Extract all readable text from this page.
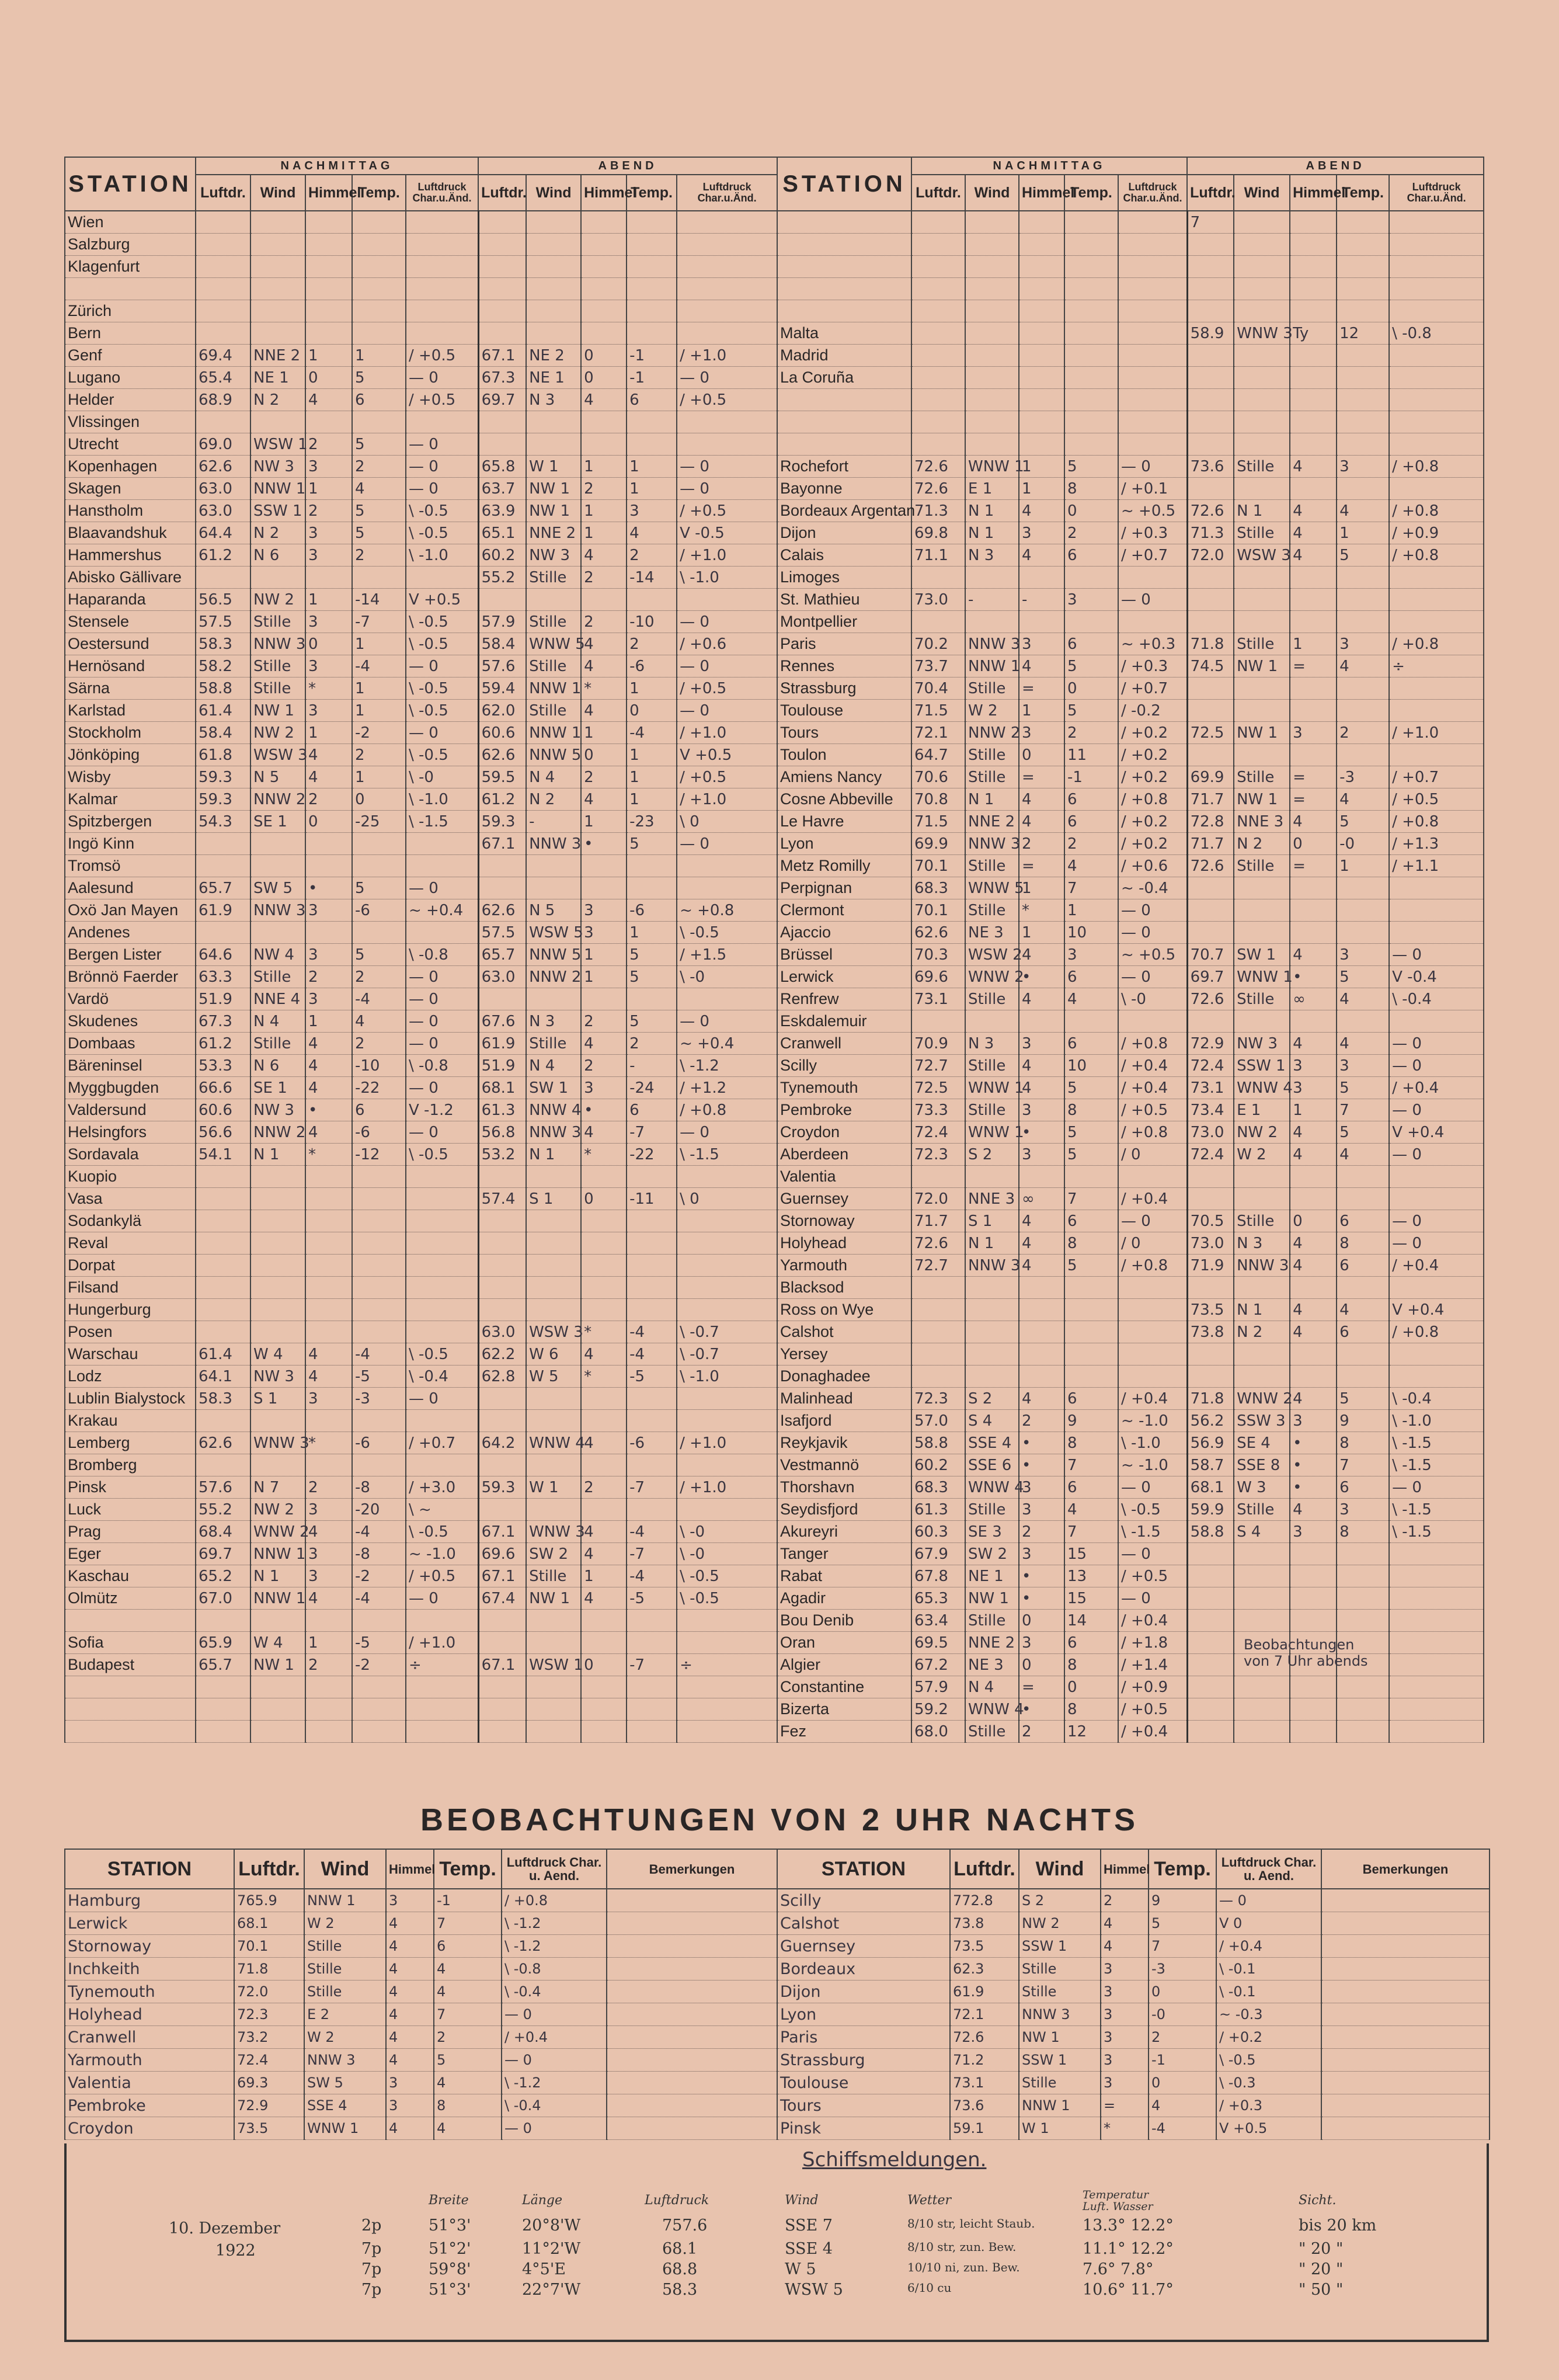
STATION	NACHMITTAG					ABEND				
	Luftdr.	Wind	Himmel	Temp.	Luftdruck Char.u.Änd.	Luftdr.	Wind	Himmel	Temp.	Luftdruck Char.u.Änd.
Wien										
Salzburg										
Klagenfurt										

Zürich										
Bern										
Genf	69.4	NNE 2	1	1	/ +0.5	67.1	NE 2	0	-1	/ +1.0
Lugano	65.4	NE 1	0	5	— 0	67.3	NE 1	0	-1	— 0
Helder	68.9	N 2	4	6	/ +0.5	69.7	N 3	4	6	/ +0.5
Vlissingen										
Utrecht	69.0	WSW 1	2	5	— 0					
Kopenhagen	62.6	NW 3	3	2	— 0	65.8	W 1	1	1	— 0
Skagen	63.0	NNW 1	1	4	— 0	63.7	NW 1	2	1	— 0
Hanstholm	63.0	SSW 1	2	5	\ -0.5	63.9	NW 1	1	3	/ +0.5
Blaavandshuk	64.4	N 2	3	5	\ -0.5	65.1	NNE 2	1	4	V -0.5
Hammershus	61.2	N 6	3	2	\ -1.0	60.2	NW 3	4	2	/ +1.0
Abisko Gällivare						55.2	Stille	2	-14	\ -1.0
Haparanda	56.5	NW 2	1	-14	V +0.5					
Stensele	57.5	Stille	3	-7	\ -0.5	57.9	Stille	2	-10	— 0
Oestersund	58.3	NNW 3	0	1	\ -0.5	58.4	WNW 5	4	2	/ +0.6
Hernösand	58.2	Stille	3	-4	— 0	57.6	Stille	4	-6	— 0
Särna	58.8	Stille	*	1	\ -0.5	59.4	NNW 1	*	1	/ +0.5
Karlstad	61.4	NW 1	3	1	\ -0.5	62.0	Stille	4	0	— 0
Stockholm	58.4	NW 2	1	-2	— 0	60.6	NNW 1	1	-4	/ +1.0
Jönköping	61.8	WSW 3	4	2	\ -0.5	62.6	NNW 5	0	1	V +0.5
Wisby	59.3	N 5	4	1	\ -0	59.5	N 4	2	1	/ +0.5
Kalmar	59.3	NNW 2	2	0	\ -1.0	61.2	N 2	4	1	/ +1.0
Spitzbergen	54.3	SE 1	0	-25	\ -1.5	59.3	-	1	-23	\ 0
Ingö Kinn						67.1	NNW 3	•	5	— 0
Tromsö										
Aalesund	65.7	SW 5	•	5	— 0					
Oxö Jan Mayen	61.9	NNW 3	3	-6	~ +0.4	62.6	N 5	3	-6	~ +0.8
Andenes						57.5	WSW 5	3	1	\ -0.5
Bergen Lister	64.6	NW 4	3	5	\ -0.8	65.7	NNW 5	1	5	/ +1.5
Brönnö Faerder	63.3	Stille	2	2	— 0	63.0	NNW 2	1	5	\ -0
Vardö	51.9	NNE 4	3	-4	— 0					
Skudenes	67.3	N 4	1	4	— 0	67.6	N 3	2	5	— 0
Dombaas	61.2	Stille	4	2	— 0	61.9	Stille	4	2	~ +0.4
Bäreninsel	53.3	N 6	4	-10	\ -0.8	51.9	N 4	2	-	\ -1.2
Myggbugden	66.6	SE 1	4	-22	— 0	68.1	SW 1	3	-24	/ +1.2
Valdersund	60.6	NW 3	•	6	V -1.2	61.3	NNW 4	•	6	/ +0.8
Helsingfors	56.6	NNW 2	4	-6	— 0	56.8	NNW 3	4	-7	— 0
Sordavala	54.1	N 1	*	-12	\ -0.5	53.2	N 1	*	-22	\ -1.5
Kuopio										
Vasa						57.4	S 1	0	-11	\ 0
Sodankylä										
Reval										
Dorpat										
Filsand										
Hungerburg										
Posen						63.0	WSW 3	*	-4	\ -0.7
Warschau	61.4	W 4	4	-4	\ -0.5	62.2	W 6	4	-4	\ -0.7
Lodz	64.1	NW 3	4	-5	\ -0.4	62.8	W 5	*	-5	\ -1.0
Lublin Bialystock	58.3	S 1	3	-3	— 0					
Krakau										
Lemberg	62.6	WNW 3	*	-6	/ +0.7	64.2	WNW 4	4	-6	/ +1.0
Bromberg										
Pinsk	57.6	N 7	2	-8	/ +3.0	59.3	W 1	2	-7	/ +1.0
Luck	55.2	NW 2	3	-20	\ ~					
Prag	68.4	WNW 2	4	-4	\ -0.5	67.1	WNW 3	4	-4	\ -0
Eger	69.7	NNW 1	3	-8	~ -1.0	69.6	SW 2	4	-7	\ -0
Kaschau	65.2	N 1	3	-2	/ +0.5	67.1	Stille	1	-4	\ -0.5
Olmütz	67.0	NNW 1	4	-4	— 0	67.4	NW 1	4	-5	\ -0.5

Sofia	65.9	W 4	1	-5	/ +1.0					
Budapest	65.7	NW 1	2	-2	÷	67.1	WSW 1	0	-7	÷

STATION	NACHMITTAG					ABEND				
	Luftdr.	Wind	Himmel	Temp.	Luftdruck Char.u.Änd.	Luftdr.	Wind	Himmel	Temp.	Luftdruck Char.u.Änd.
						7				

Malta						58.9	WNW 3	Ty	12	\ -0.8
Madrid										
La Coruña										

Rochefort	72.6	WNW 1	1	5	— 0	73.6	Stille	4	3	/ +0.8
Bayonne	72.6	E 1	1	8	/ +0.1					
Bordeaux Argentan	71.3	N 1	4	0	~ +0.5	72.6	N 1	4	4	/ +0.8
Dijon	69.8	N 1	3	2	/ +0.3	71.3	Stille	4	1	/ +0.9
Calais	71.1	N 3	4	6	/ +0.7	72.0	WSW 3	4	5	/ +0.8
Limoges										
St. Mathieu	73.0	-	-	3	— 0					
Montpellier										
Paris	70.2	NNW 3	3	6	~ +0.3	71.8	Stille	1	3	/ +0.8
Rennes	73.7	NNW 1	4	5	/ +0.3	74.5	NW 1	=	4	÷
Strassburg	70.4	Stille	=	0	/ +0.7					
Toulouse	71.5	W 2	1	5	/ -0.2					
Tours	72.1	NNW 2	3	2	/ +0.2	72.5	NW 1	3	2	/ +1.0
Toulon	64.7	Stille	0	11	/ +0.2					
Amiens Nancy	70.6	Stille	=	-1	/ +0.2	69.9	Stille	=	-3	/ +0.7
Cosne Abbeville	70.8	N 1	4	6	/ +0.8	71.7	NW 1	=	4	/ +0.5
Le Havre	71.5	NNE 2	4	6	/ +0.2	72.8	NNE 3	4	5	/ +0.8
Lyon	69.9	NNW 3	2	2	/ +0.2	71.7	N 2	0	-0	/ +1.3
Metz Romilly	70.1	Stille	=	4	/ +0.6	72.6	Stille	=	1	/ +1.1
Perpignan	68.3	WNW 5	1	7	~ -0.4					
Clermont	70.1	Stille	*	1	— 0					
Ajaccio	62.6	NE 3	1	10	— 0					
Brüssel	70.3	WSW 2	4	3	~ +0.5	70.7	SW 1	4	3	— 0
Lerwick	69.6	WNW 2	•	6	— 0	69.7	WNW 1	•	5	V -0.4
Renfrew	73.1	Stille	4	4	\ -0	72.6	Stille	∞	4	\ -0.4
Eskdalemuir										
Cranwell	70.9	N 3	3	6	/ +0.8	72.9	NW 3	4	4	— 0
Scilly	72.7	Stille	4	10	/ +0.4	72.4	SSW 1	3	3	— 0
Tynemouth	72.5	WNW 1	4	5	/ +0.4	73.1	WNW 4	3	5	/ +0.4
Pembroke	73.3	Stille	3	8	/ +0.5	73.4	E 1	1	7	— 0
Croydon	72.4	WNW 1	•	5	/ +0.8	73.0	NW 2	4	5	V +0.4
Aberdeen	72.3	S 2	3	5	/ 0	72.4	W 2	4	4	— 0
Valentia										
Guernsey	72.0	NNE 3	∞	7	/ +0.4					
Stornoway	71.7	S 1	4	6	— 0	70.5	Stille	0	6	— 0
Holyhead	72.6	N 1	4	8	/ 0	73.0	N 3	4	8	— 0
Yarmouth	72.7	NNW 3	4	5	/ +0.8	71.9	NNW 3	4	6	/ +0.4
Blacksod										
Ross on Wye						73.5	N 1	4	4	V +0.4
Calshot						73.8	N 2	4	6	/ +0.8
Yersey										
Donaghadee										
Malinhead	72.3	S 2	4	6	/ +0.4	71.8	WNW 2	4	5	\ -0.4
Isafjord	57.0	S 4	2	9	~ -1.0	56.2	SSW 3	3	9	\ -1.0
Reykjavik	58.8	SSE 4	•	8	\ -1.0	56.9	SE 4	•	8	\ -1.5
Vestmannö	60.2	SSE 6	•	7	~ -1.0	58.7	SSE 8	•	7	\ -1.5
Thorshavn	68.3	WNW 4	3	6	— 0	68.1	W 3	•	6	— 0
Seydisfjord	61.3	Stille	3	4	\ -0.5	59.9	Stille	4	3	\ -1.5
Akureyri	60.3	SE 3	2	7	\ -1.5	58.8	S 4	3	8	\ -1.5
Tanger	67.9	SW 2	3	15	— 0					
Rabat	67.8	NE 1	•	13	/ +0.5					
Agadir	65.3	NW 1	•	15	— 0					
Bou Denib	63.4	Stille	0	14	/ +0.4					
Oran	69.5	NNE 2	3	6	/ +1.8					
Algier	67.2	NE 3	0	8	/ +1.4					
Constantine	57.9	N 4	=	0	/ +0.9					
Bizerta	59.2	WNW 4	•	8	/ +0.5					
Fez	68.0	Stille	2	12	/ +0.4					
Beobachtungen
von 7 Uhr abends
BEOBACHTUNGEN VON 2 UHR NACHTS
STATION	Luftdr.	Wind	Himmel	Temp.	Luftdruck Char. u. Aend.	Bemerkungen
Hamburg	765.9	NNW 1	3	-1	/ +0.8	
Lerwick	68.1	W 2	4	7	\ -1.2	
Stornoway	70.1	Stille	4	6	\ -1.2	
Inchkeith	71.8	Stille	4	4	\ -0.8	
Tynemouth	72.0	Stille	4	4	\ -0.4	
Holyhead	72.3	E 2	4	7	— 0	
Cranwell	73.2	W 2	4	2	/ +0.4	
Yarmouth	72.4	NNW 3	4	5	— 0	
Valentia	69.3	SW 5	3	4	\ -1.2	
Pembroke	72.9	SSE 4	3	8	\ -0.4	
Croydon	73.5	WNW 1	4	4	— 0	
STATION	Luftdr.	Wind	Himmel	Temp.	Luftdruck Char. u. Aend.	Bemerkungen
Scilly	772.8	S 2	2	9	— 0	
Calshot	73.8	NW 2	4	5	V 0	
Guernsey	73.5	SSW 1	4	7	/ +0.4	
Bordeaux	62.3	Stille	3	-3	\ -0.1	
Dijon	61.9	Stille	3	0	\ -0.1	
Lyon	72.1	NNW 3	3	-0	~ -0.3	
Paris	72.6	NW 1	3	2	/ +0.2	
Strassburg	71.2	SSW 1	3	-1	\ -0.5	
Toulouse	73.1	Stille	3	0	\ -0.3	
Tours	73.6	NNW 1	=	4	/ +0.3	
Pinsk	59.1	W 1	*	-4	V +0.5	
Schiffsmeldungen.
Breite	Länge	Luftdruck	Wind	Wetter	Temperatur Luft. Wasser	Sicht.
10. Dezember
1922
2p	51°3'	20°8'W	757.6	SSE 7	8/10 str, leicht Staub.	13.3° 12.2°	bis 20 km
7p	51°2'	11°2'W	68.1	SSE 4	8/10 str, zun. Bew.	11.1° 12.2°	" 20 "
7p	59°8'	4°5'E	68.8	W 5	10/10 ni, zun. Bew.	7.6° 7.8°	" 20 "
7p	51°3'	22°7'W	58.3	WSW 5	6/10 cu	10.6° 11.7°	" 50 "
